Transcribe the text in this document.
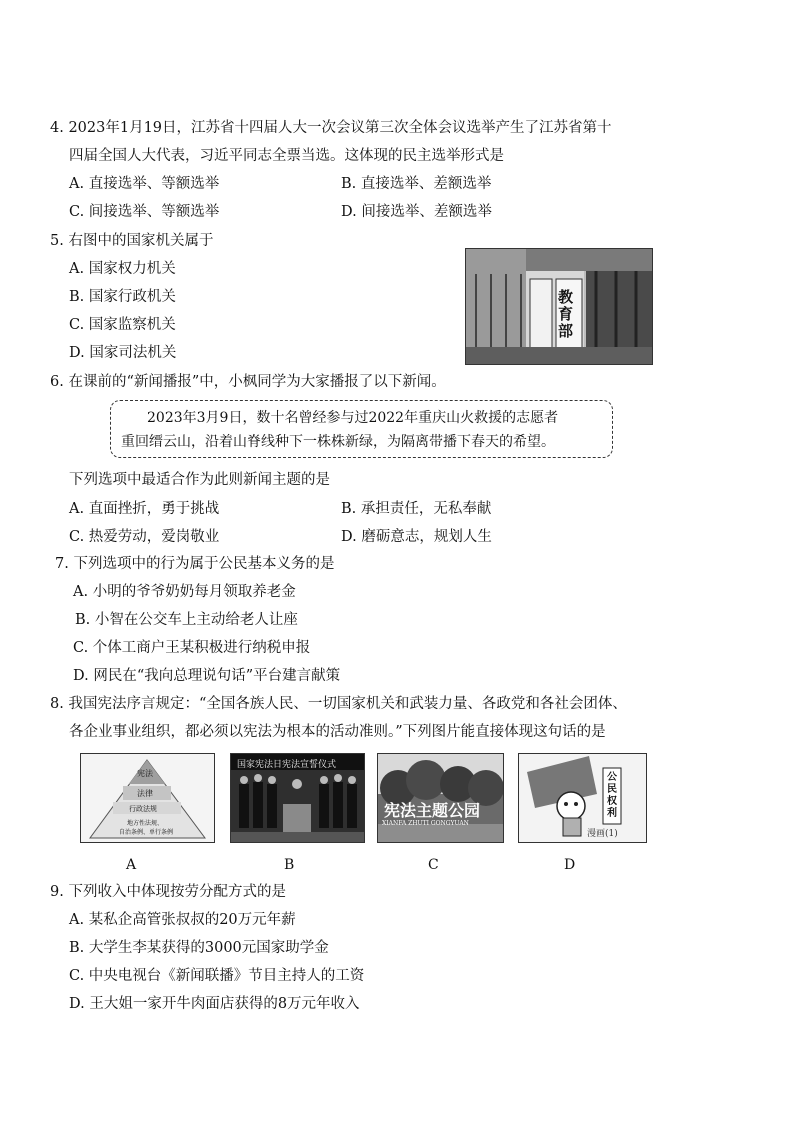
4. 2023年1月19日，江苏省十四届人大一次会议第三次全体会议选举产生了江苏省第十
四届全国人大代表，习近平同志全票当选。这体现的民主选举形式是
A. 直接选举、等额选举	B. 直接选举、差额选举
C. 间接选举、等额选举	D. 间接选举、差额选举
5. 右图中的国家机关属于
A. 国家权力机关
B. 国家行政机关
C. 国家监察机关
D. 国家司法机关
教育部
6. 在课前的“新闻播报”中，小枫同学为大家播报了以下新闻。
2023年3月9日，数十名曾经参与过2022年重庆山火救援的志愿者
重回缙云山，沿着山脊线种下一株株新绿，为隔离带播下春天的希望。
下列选项中最适合作为此则新闻主题的是
A. 直面挫折，勇于挑战	B. 承担责任，无私奉献
C. 热爱劳动，爱岗敬业	D. 磨砺意志，规划人生
7. 下列选项中的行为属于公民基本义务的是
A. 小明的爷爷奶奶每月领取养老金
B. 小智在公交车上主动给老人让座
C. 个体工商户王某积极进行纳税申报
D. 网民在“我向总理说句话”平台建言献策
8. 我国宪法序言规定：“全国各族人民、一切国家机关和武装力量、各政党和各社会团体、
各企业事业组织，都必须以宪法为根本的活动准则。”下列图片能直接体现这句话的是
宪法
法律
行政法规
地方性法规、
自治条例、单行条例
A
国家宪法日宪法宣誓仪式
B
宪法主题公园
XIANFA ZHUTI GONGYUAN
C
公民权利
漫画(1)
D
9. 下列收入中体现按劳分配方式的是
A. 某私企高管张叔叔的20万元年薪
B. 大学生李某获得的3000元国家助学金
C. 中央电视台《新闻联播》节目主持人的工资
D. 王大姐一家开牛肉面店获得的8万元年收入
